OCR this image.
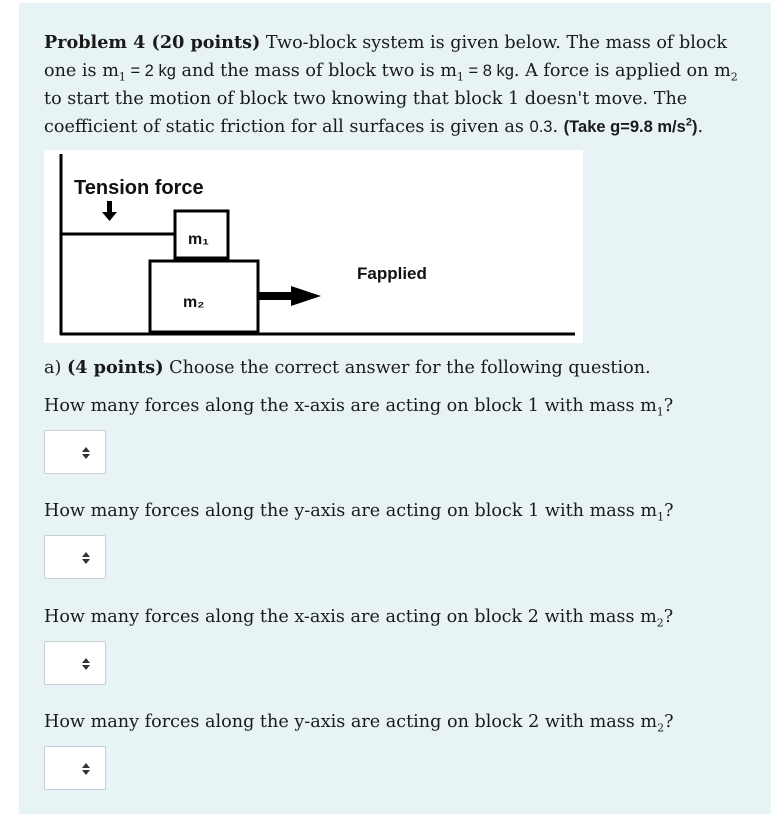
Problem 4 (20 points) Two-block system is given below. The mass of block one is $m_1 = 2$ kg and the mass of block two is $m_1 = 8$ kg. A force is applied on $m_2$ to start the motion of block two knowing that block 1 doesn't move. The coefficient of static friction for all surfaces is given as 0.3. (Take g=9.8 $m/s^2$).
Tension force
m₁
m₂
Fapplied
a) (4 points) Choose the correct answer for the following question.
How many forces along the x-axis are acting on block 1 with mass $m_1$?
How many forces along the y-axis are acting on block 1 with mass $m_1$?
How many forces along the x-axis are acting on block 2 with mass $m_2$?
How many forces along the y-axis are acting on block 2 with mass $m_2$?
